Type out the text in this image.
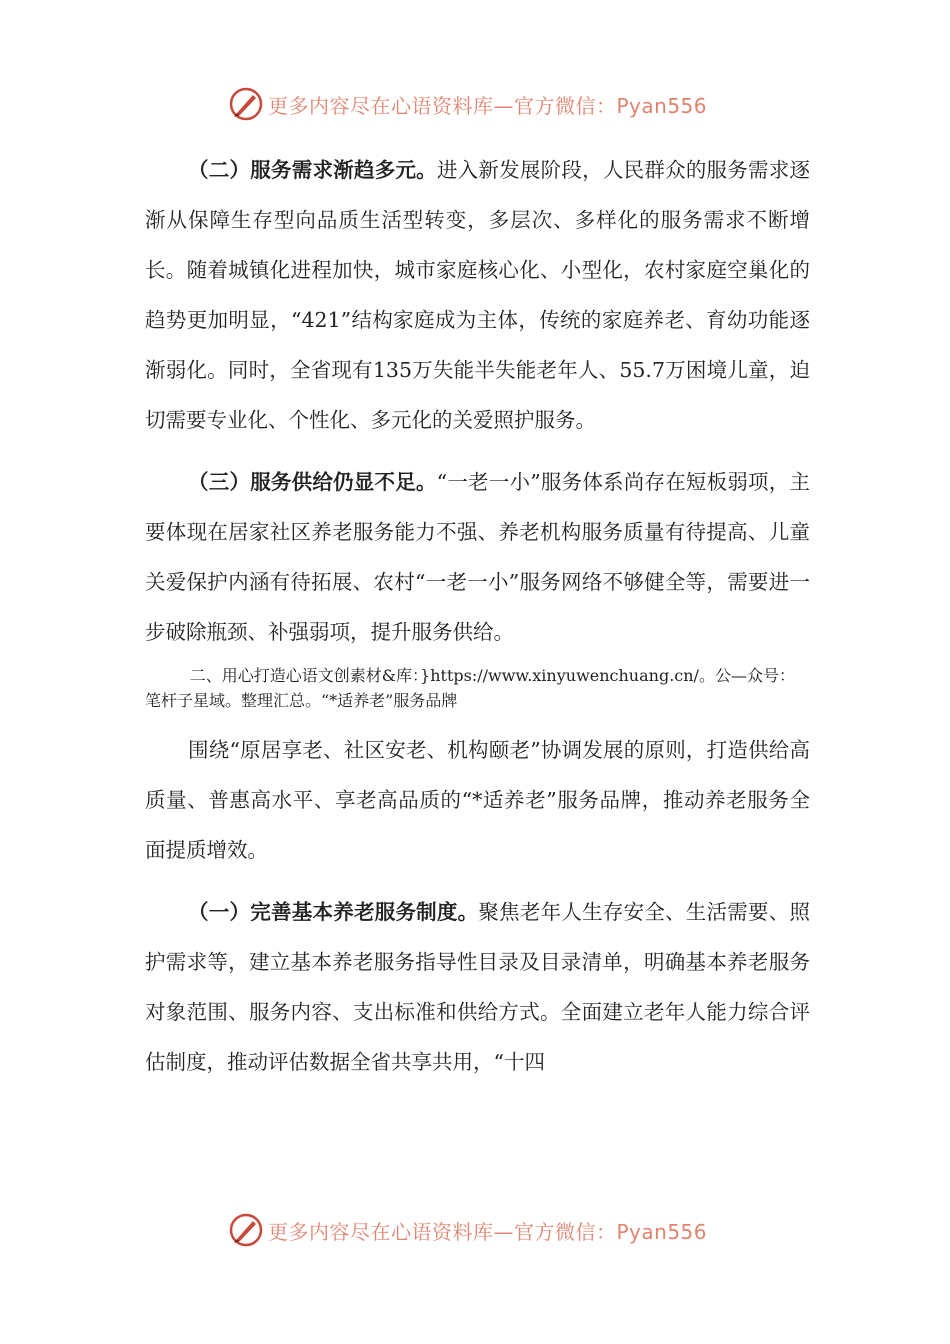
更多内容尽在心语资料库—官方微信：Pyan556

（二）服务需求渐趋多元。进入新发展阶段，人民群众的服务需求逐渐从保障生存型向品质生活型转变，多层次、多样化的服务需求不断增长。随着城镇化进程加快，城市家庭核心化、小型化，农村家庭空巢化的趋势更加明显，“421”结构家庭成为主体，传统的家庭养老、育幼功能逐渐弱化。同时，全省现有135万失能半失能老年人、55.7万困境儿童，迫切需要专业化、个性化、多元化的关爱照护服务。

（三）服务供给仍显不足。“一老一小”服务体系尚存在短板弱项，主要体现在居家社区养老服务能力不强、养老机构服务质量有待提高、儿童关爱保护内涵有待拓展、农村“一老一小”服务网络不够健全等，需要进一步破除瓶颈、补强弱项，提升服务供给。

二、用心打造心语文创素材&库：}https://www.xinyuwenchuang.cn/。公—众号：笔杆子星域。整理汇总。“*适养老”服务品牌

围绕“原居享老、社区安老、机构颐老”协调发展的原则，打造供给高质量、普惠高水平、享老高品质的“*适养老”服务品牌，推动养老服务全面提质增效。

（一）完善基本养老服务制度。聚焦老年人生存安全、生活需要、照护需求等，建立基本养老服务指导性目录及目录清单，明确基本养老服务对象范围、服务内容、支出标准和供给方式。全面建立老年人能力综合评估制度，推动评估数据全省共享共用，“十四

更多内容尽在心语资料库—官方微信：Pyan556
